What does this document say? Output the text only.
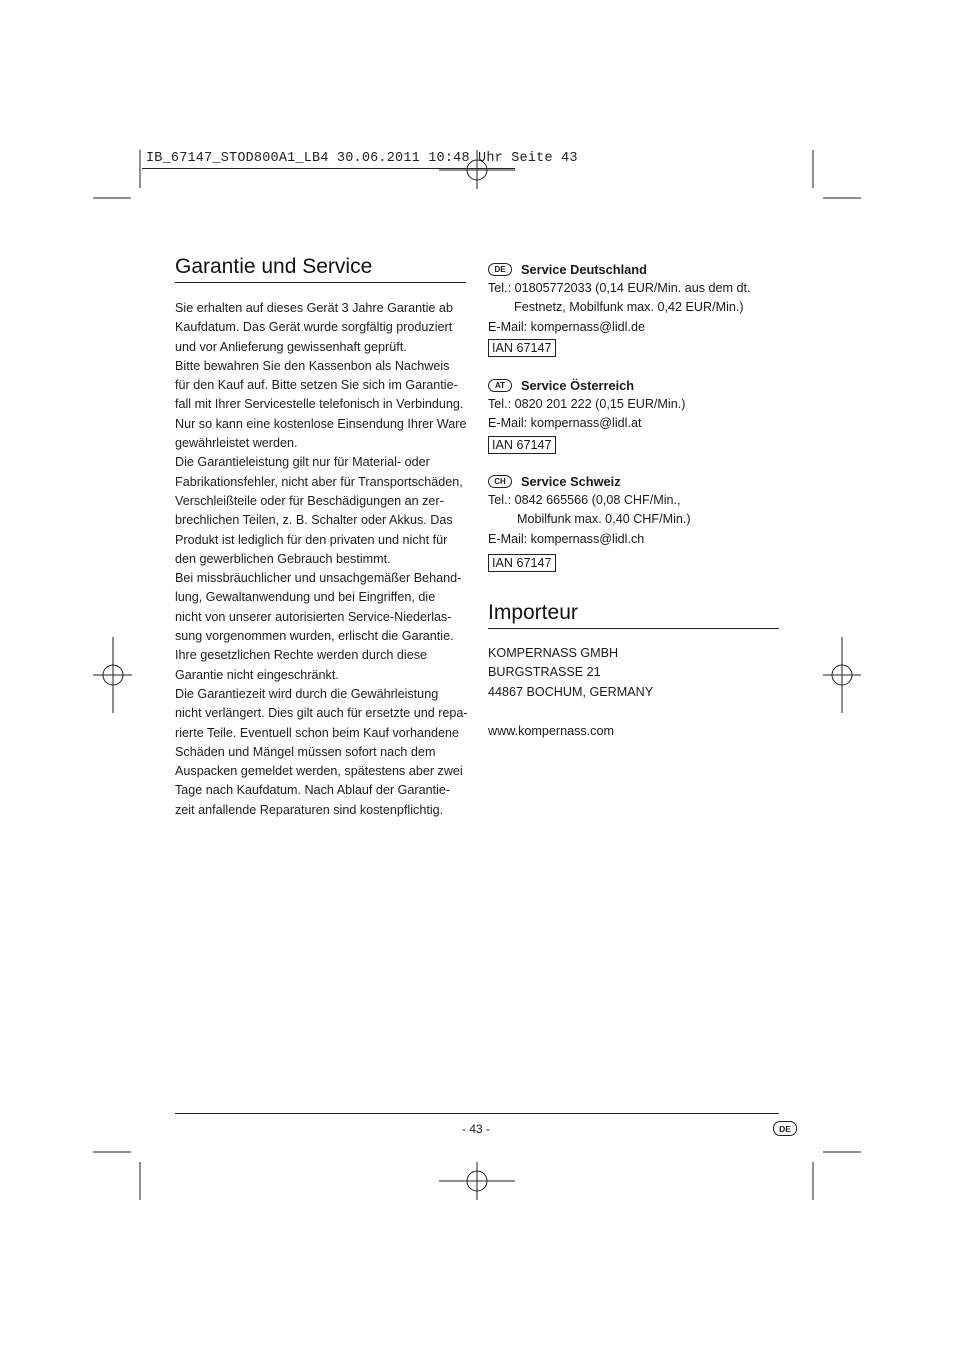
IB_67147_STOD800A1_LB4 30.06.2011 10:48 Uhr Seite 43
Garantie und Service

Sie erhalten auf dieses Gerät 3 Jahre Garantie ab

Kaufdatum. Das Gerät wurde sorgfältig produziert

und vor Anlieferung gewissenhaft geprüft.

Bitte bewahren Sie den Kassenbon als Nachweis

für den Kauf auf. Bitte setzen Sie sich im Garantie-

fall mit Ihrer Servicestelle telefonisch in Verbindung.

Nur so kann eine kostenlose Einsendung Ihrer Ware

gewährleistet werden.

Die Garantieleistung gilt nur für Material- oder

Fabrikationsfehler, nicht aber für Transportschäden,

Verschleißteile oder für Beschädigungen an zer-

brechlichen Teilen, z. B. Schalter oder Akkus. Das

Produkt ist lediglich für den privaten und nicht für

den gewerblichen Gebrauch bestimmt.

Bei missbräuchlicher und unsachgemäßer Behand-

lung, Gewaltanwendung und bei Eingriffen, die

nicht von unserer autorisierten Service-Niederlas-

sung vorgenommen wurden, erlischt die Garantie.

Ihre gesetzlichen Rechte werden durch diese

Garantie nicht eingeschränkt.

Die Garantiezeit wird durch die Gewährleistung

nicht verlängert. Dies gilt auch für ersetzte und repa-

rierte Teile. Eventuell schon beim Kauf vorhandene

Schäden und Mängel müssen sofort nach dem

Auspacken gemeldet werden, spätestens aber zwei

Tage nach Kaufdatum. Nach Ablauf der Garantie-

zeit anfallende Reparaturen sind kostenpflichtig.

DE	Service Deutschland
Tel.: 01805772033 (0,14 EUR/Min. aus dem dt.
Festnetz, Mobilfunk max. 0,42 EUR/Min.)
E-Mail: kompernass@lidl.de
IAN 67147
AT	Service Österreich
Tel.: 0820 201 222 (0,15 EUR/Min.)
E-Mail: kompernass@lidl.at
IAN 67147
CH	Service Schweiz
Tel.: 0842 665566 (0,08 CHF/Min.,
Mobilfunk max. 0,40 CHF/Min.)
E-Mail: kompernass@lidl.ch
IAN 67147
Importeur
KOMPERNASS GMBH
BURGSTRASSE 21
44867 BOCHUM, GERMANY
www.kompernass.com
- 43 -	DE
